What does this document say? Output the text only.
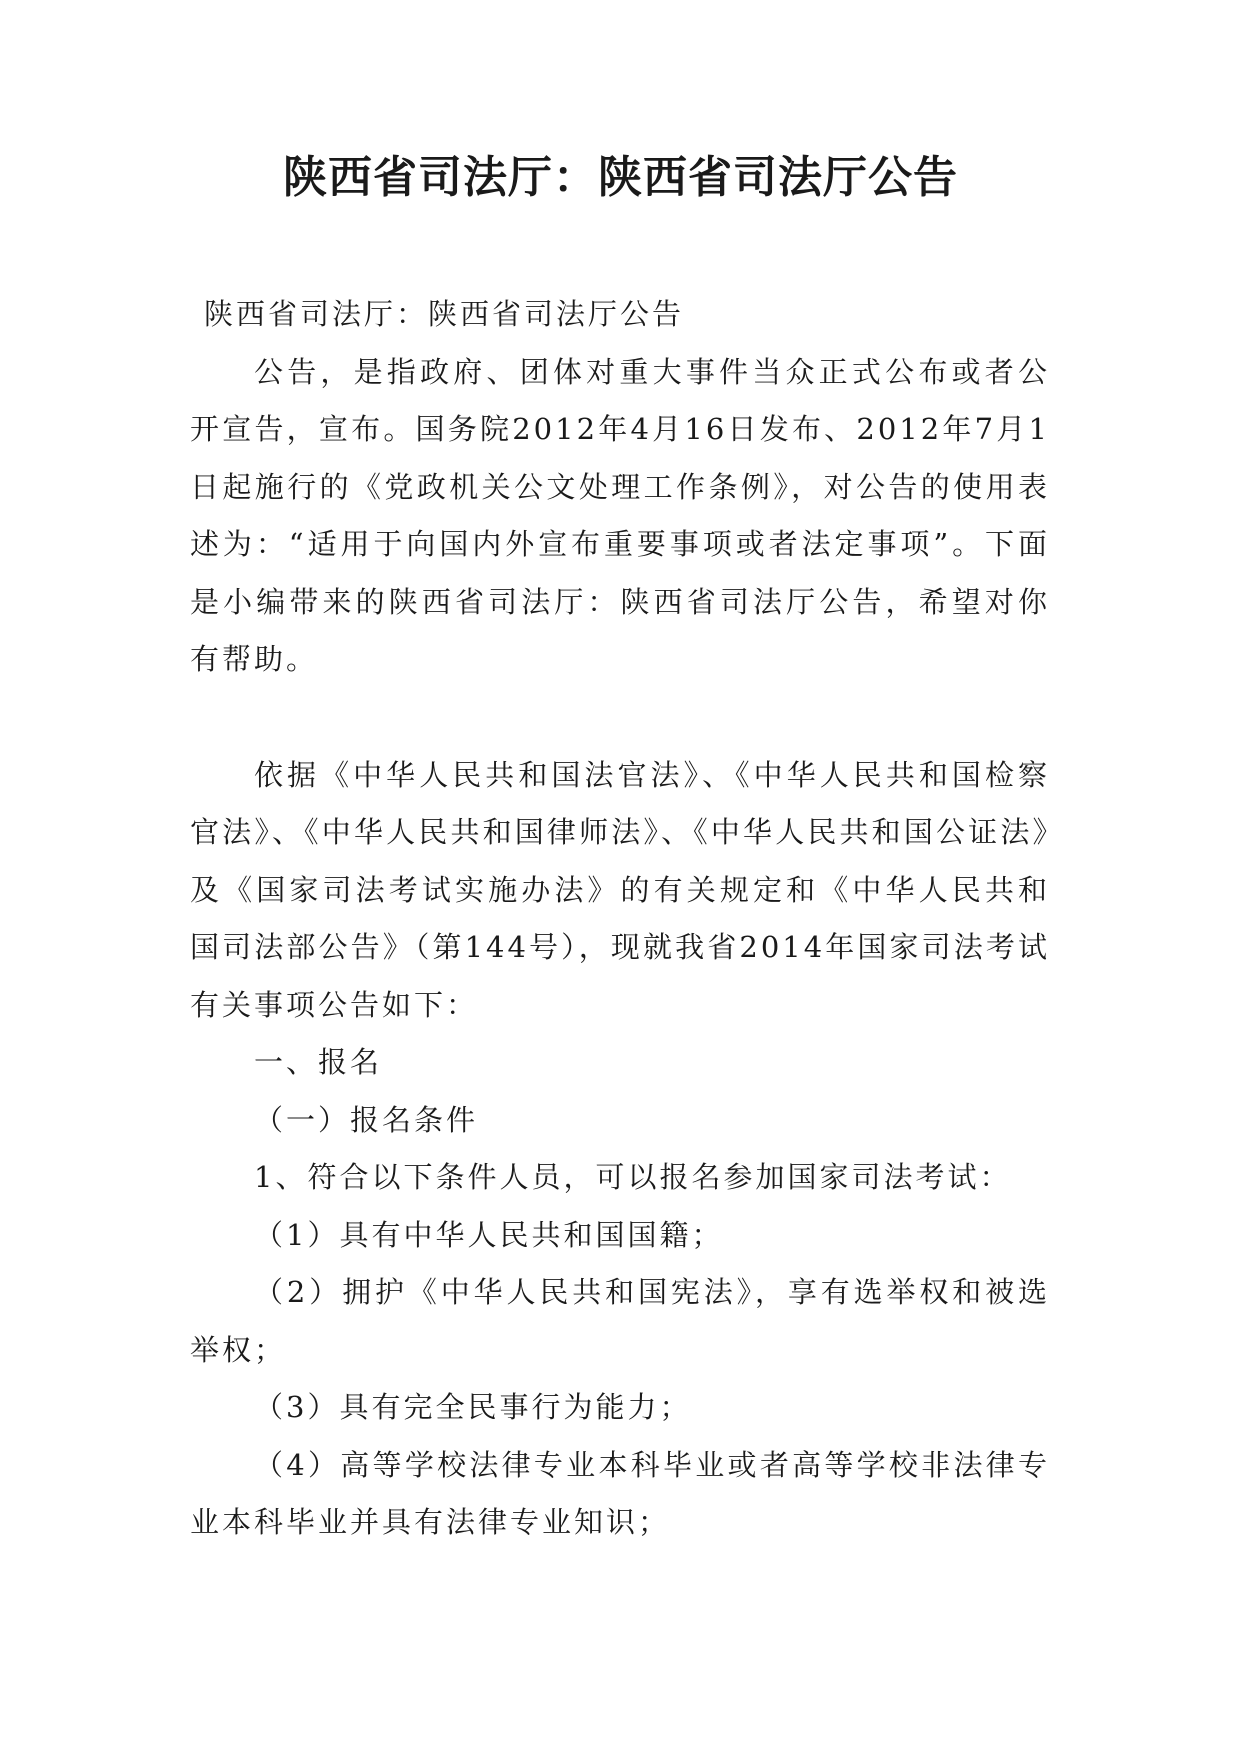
陕西省司法厅：陕西省司法厅公告

陕西省司法厅：陕西省司法厅公告

公告，是指政府、团体对重大事件当众正式公布或者公开宣告，宣布。国务院2012年4月16日发布、2012年7月1日起施行的《党政机关公文处理工作条例》，对公告的使用表述为：“适用于向国内外宣布重要事项或者法定事项”。下面是小编带来的陕西省司法厅：陕西省司法厅公告，希望对你有帮助。

依据《中华人民共和国法官法》、《中华人民共和国检察官法》、《中华人民共和国律师法》、《中华人民共和国公证法》及《国家司法考试实施办法》的有关规定和《中华人民共和国司法部公告》（第144号），现就我省2014年国家司法考试有关事项公告如下：

一、报名

（一）报名条件

1、符合以下条件人员，可以报名参加国家司法考试：

（1）具有中华人民共和国国籍；

（2）拥护《中华人民共和国宪法》，享有选举权和被选举权；

（3）具有完全民事行为能力；

（4）高等学校法律专业本科毕业或者高等学校非法律专业本科毕业并具有法律专业知识；
